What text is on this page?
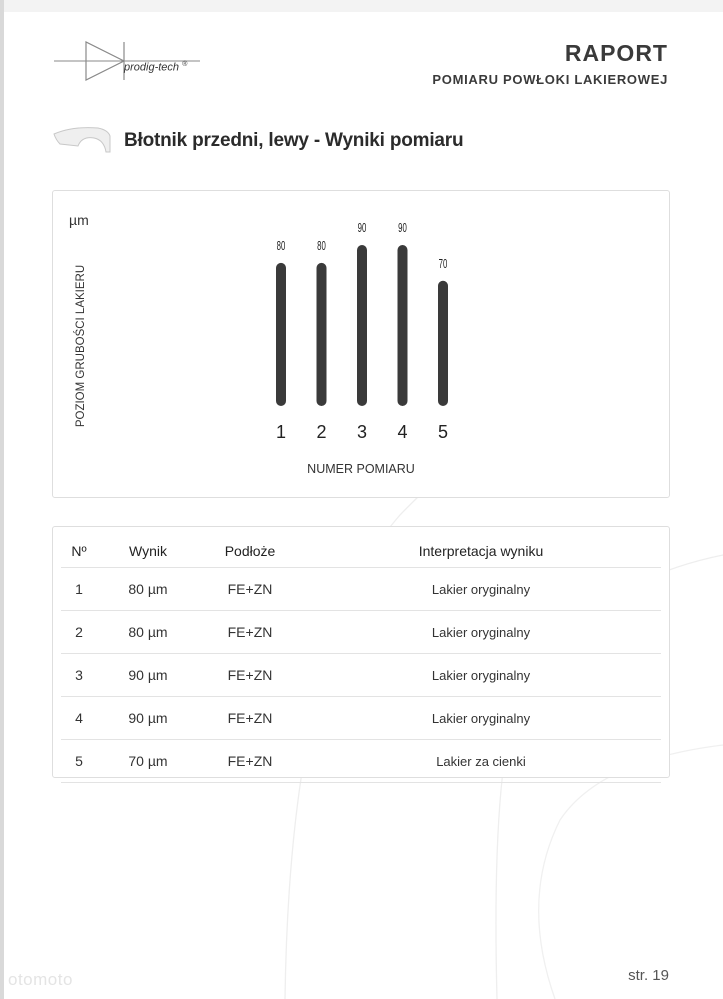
prodig-tech ®	RAPORT
POMIARU POWŁOKI LAKIEROWEJ
Błotnik przedni, lewy - Wyniki pomiaru
µm
POZIOM GRUBOŚCI LAKIERU
NUMER POMIARU
80
1
80
2
90
3
90
4
70
5
Nº	Wynik	Podłoże	Interpretacja wyniku
1	80 µm	FE+ZN	Lakier oryginalny
2	80 µm	FE+ZN	Lakier oryginalny
3	90 µm	FE+ZN	Lakier oryginalny
4	90 µm	FE+ZN	Lakier oryginalny
5	70 µm	FE+ZN	Lakier za cienki
str. 19
otomoto
